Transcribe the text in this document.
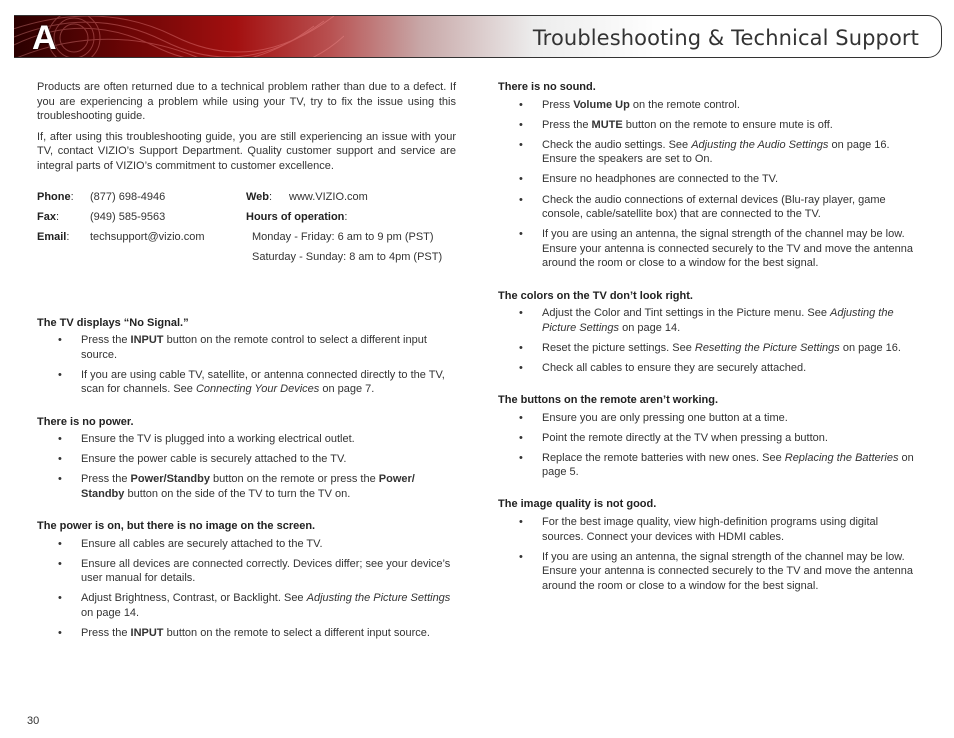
A	Troubleshooting & Technical Support

Products are often returned due to a technical problem rather than due to a defect. If you are experiencing a problem while using your TV, try to fix the issue using this troubleshooting guide.

If, after using this troubleshooting guide, you are still experiencing an issue with your TV, contact VIZIO’s Support Department. Quality customer support and service are integral parts of VIZIO’s commitment to customer excellence.

Phone: (877) 698-4946
Fax:	(949) 585-9563
Email: techsupport@vizio.com
Web: www.VIZIO.com
Hours of operation:
Monday - Friday: 6 am to 9 pm (PST)
Saturday - Sunday: 8 am to 4pm (PST)
The TV displays “No Signal.”
• Press the INPUT button on the remote control to select a different input source.
• If you are using cable TV, satellite, or antenna connected directly to the TV, scan for channels. See Connecting Your Devices on page 7.
There is no power.
• Ensure the TV is plugged into a working electrical outlet.
• Ensure the power cable is securely attached to the TV.
• Press the Power/Standby button on the remote or press the Power/ Standby button on the side of the TV to turn the TV on.
The power is on, but there is no image on the screen.
• Ensure all cables are securely attached to the TV.
• Ensure all devices are connected correctly. Devices differ; see your device’s user manual for details.
• Adjust Brightness, Contrast, or Backlight. See Adjusting the Picture Settings on page 14.
• Press the INPUT button on the remote to select a different input source.
There is no sound.
• Press Volume Up on the remote control.
• Press the MUTE button on the remote to ensure mute is off.
• Check the audio settings. See Adjusting the Audio Settings on page 16. Ensure the speakers are set to On.
• Ensure no headphones are connected to the TV.
• Check the audio connections of external devices (Blu-ray player, game console, cable/satellite box) that are connected to the TV.
• If you are using an antenna, the signal strength of the channel may be low. Ensure your antenna is connected securely to the TV and move the antenna around the room or close to a window for the best signal.
The colors on the TV don’t look right.
• Adjust the Color and Tint settings in the Picture menu. See Adjusting the Picture Settings on page 14.
• Reset the picture settings. See Resetting the Picture Settings on page 16.
• Check all cables to ensure they are securely attached.
The buttons on the remote aren’t working.
• Ensure you are only pressing one button at a time.
• Point the remote directly at the TV when pressing a button.
• Replace the remote batteries with new ones. See Replacing the Batteries on page 5.
The image quality is not good.
• For the best image quality, view high-definition programs using digital sources. Connect your devices with HDMI cables.
• If you are using an antenna, the signal strength of the channel may be low. Ensure your antenna is connected securely to the TV and move the antenna around the room or close to a window for the best signal.
30
